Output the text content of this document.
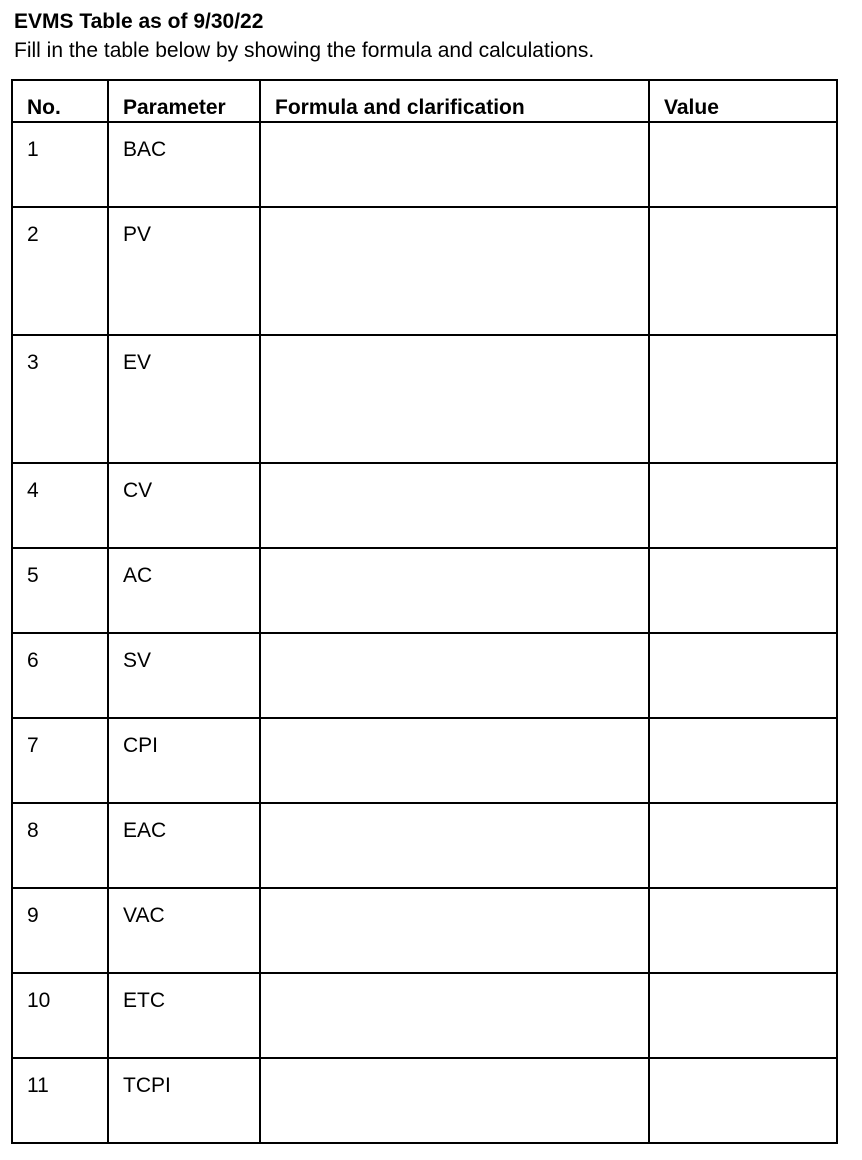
EVMS Table as of 9/30/22
Fill in the table below by showing the formula and calculations.
No.	Parameter	Formula and clarification	Value
1	BAC		
2	PV		
3	EV		
4	CV		
5	AC		
6	SV		
7	CPI		
8	EAC		
9	VAC		
10	ETC		
11	TCPI		
